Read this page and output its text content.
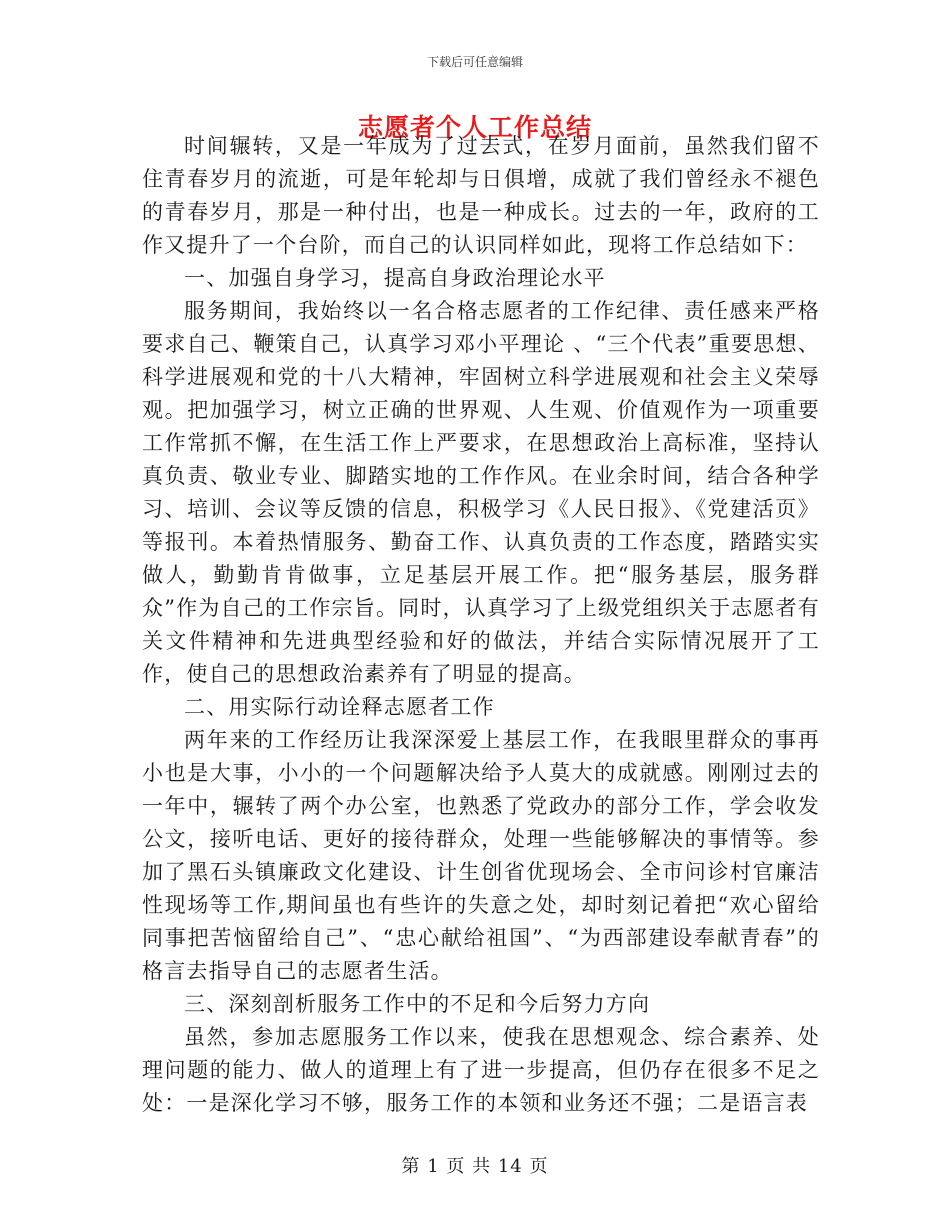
下载后可任意编辑
志愿者个人工作总结

时间辗转，又是一年成为了过去式，在岁月面前，虽然我们留不住青春岁月的流逝，可是年轮却与日俱增，成就了我们曾经永不褪色的青春岁月，那是一种付出，也是一种成长。过去的一年，政府的工作又提升了一个台阶，而自己的认识同样如此，现将工作总结如下：

一、加强自身学习，提高自身政治理论水平

服务期间，我始终以一名合格志愿者的工作纪律、责任感来严格要求自己、鞭策自己，认真学习邓小平理论 、“三个代表”重要思想、科学进展观和党的十八大精神，牢固树立科学进展观和社会主义荣辱观。把加强学习，树立正确的世界观、人生观、价值观作为一项重要工作常抓不懈，在生活工作上严要求，在思想政治上高标准，坚持认真负责、敬业专业、脚踏实地的工作作风。在业余时间，结合各种学习、培训、会议等反馈的信息，积极学习《人民日报》、《党建活页》等报刊。本着热情服务、勤奋工作、认真负责的工作态度，踏踏实实做人，勤勤肯肯做事，立足基层开展工作。把“服务基层，服务群众”作为自己的工作宗旨。同时，认真学习了上级党组织关于志愿者有关文件精神和先进典型经验和好的做法，并结合实际情况展开了工作，使自己的思想政治素养有了明显的提高。

二、用实际行动诠释志愿者工作

两年来的工作经历让我深深爱上基层工作，在我眼里群众的事再小也是大事，小小的一个问题解决给予人莫大的成就感。刚刚过去的一年中，辗转了两个办公室，也熟悉了党政办的部分工作，学会收发公文，接听电话、更好的接待群众，处理一些能够解决的事情等。参加了黑石头镇廉政文化建设、计生创省优现场会、全市问诊村官廉洁性现场等工作,期间虽也有些许的失意之处，却时刻记着把“欢心留给同事把苦恼留给自己”、“忠心献给祖国”、“为西部建设奉献青春”的格言去指导自己的志愿者生活。

三、深刻剖析服务工作中的不足和今后努力方向

虽然，参加志愿服务工作以来，使我在思想观念、综合素养、处理问题的能力、做人的道理上有了进一步提高，但仍存在很多不足之处：一是深化学习不够，服务工作的本领和业务还不强；二是语言表

第 1 页 共 14 页
